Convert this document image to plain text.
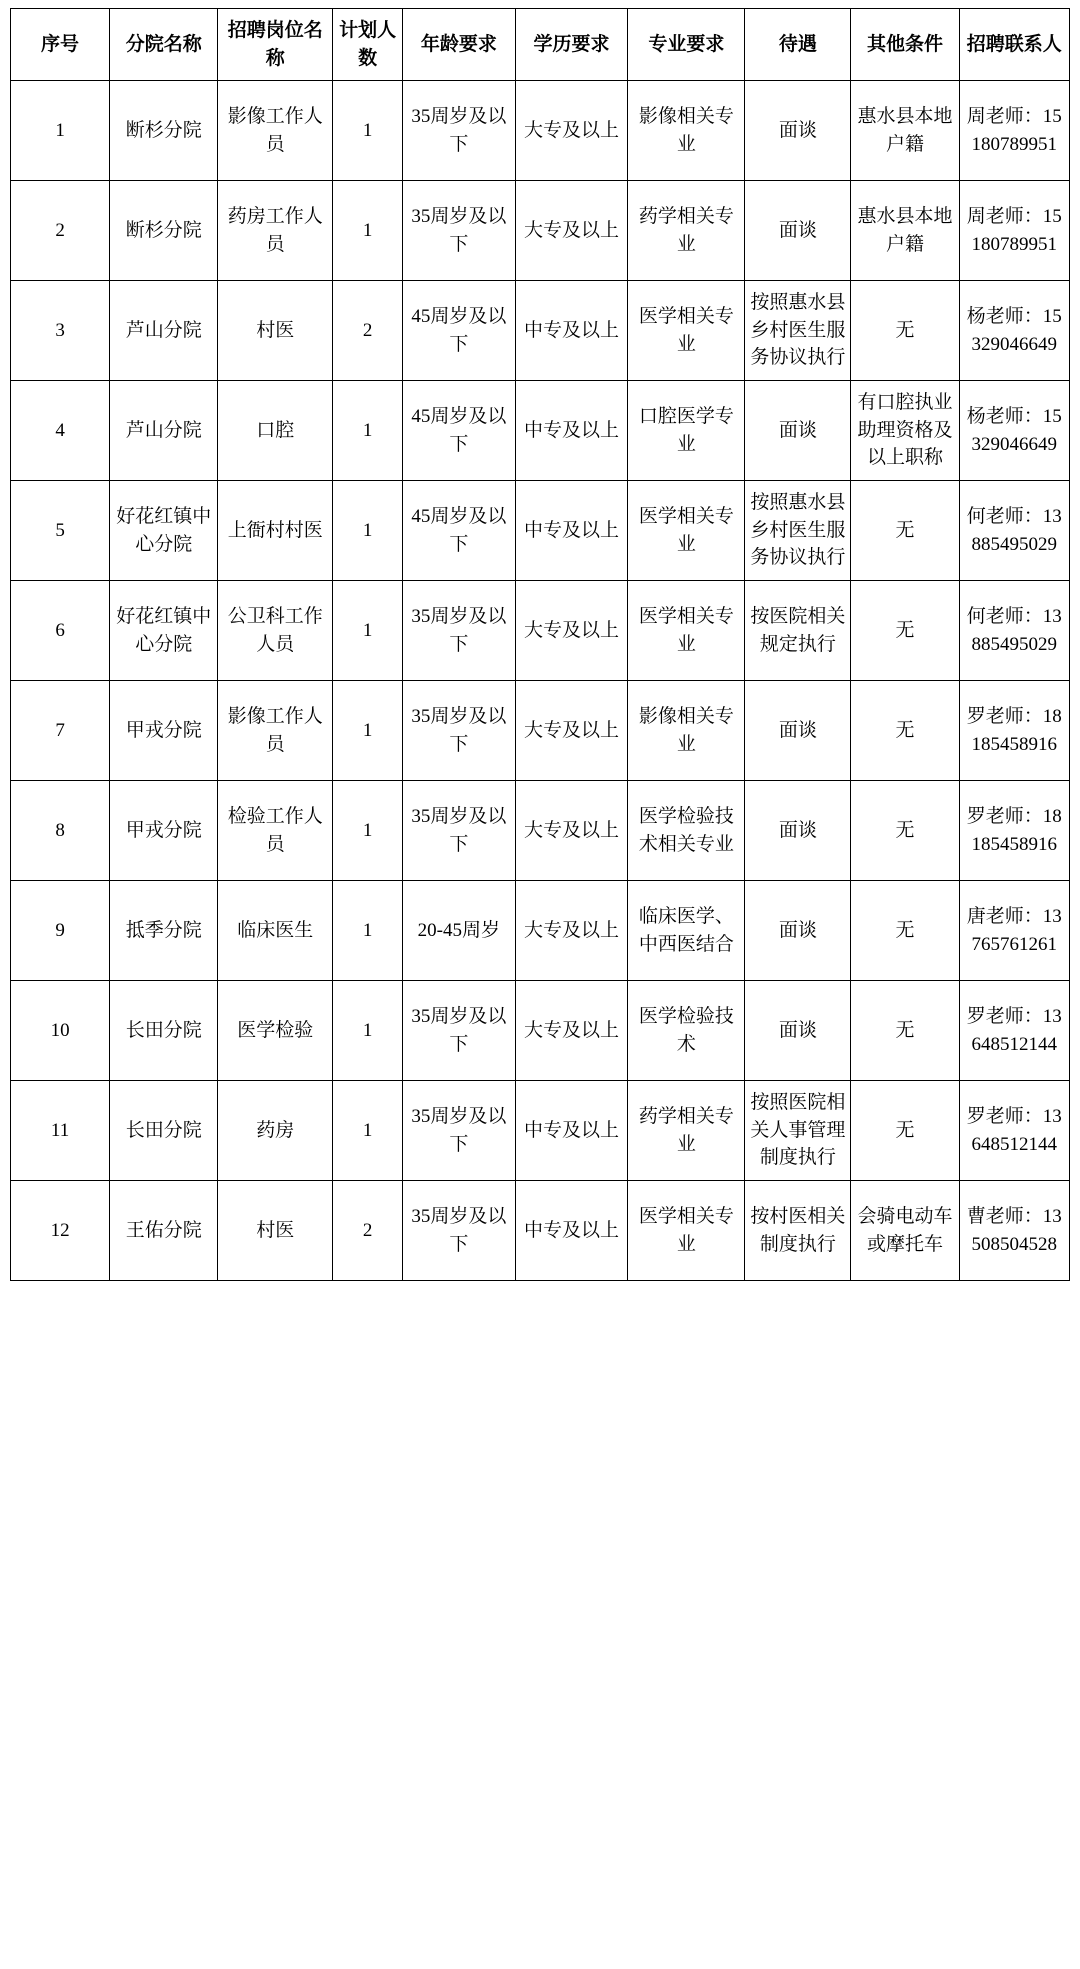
序号	分院名称	招聘岗位名称	计划人数	年龄要求	学历要求	专业要求	待遇	其他条件	招聘联系人
1	断杉分院	影像工作人员	1	35周岁及以下	大专及以上	影像相关专业	面谈	惠水县本地户籍	周老师：15180789951
2	断杉分院	药房工作人员	1	35周岁及以下	大专及以上	药学相关专业	面谈	惠水县本地户籍	周老师：15180789951
3	芦山分院	村医	2	45周岁及以下	中专及以上	医学相关专业	按照惠水县乡村医生服务协议执行	无	杨老师：15329046649
4	芦山分院	口腔	1	45周岁及以下	中专及以上	口腔医学专业	面谈	有口腔执业助理资格及以上职称	杨老师：15329046649
5	好花红镇中心分院	上衙村村医	1	45周岁及以下	中专及以上	医学相关专业	按照惠水县乡村医生服务协议执行	无	何老师：13885495029
6	好花红镇中心分院	公卫科工作人员	1	35周岁及以下	大专及以上	医学相关专业	按医院相关规定执行	无	何老师：13885495029
7	甲戎分院	影像工作人员	1	35周岁及以下	大专及以上	影像相关专业	面谈	无	罗老师：18185458916
8	甲戎分院	检验工作人员	1	35周岁及以下	大专及以上	医学检验技术相关专业	面谈	无	罗老师：18185458916
9	抵季分院	临床医生	1	20-45周岁	大专及以上	临床医学、中西医结合	面谈	无	唐老师：13765761261
10	长田分院	医学检验	1	35周岁及以下	大专及以上	医学检验技术	面谈	无	罗老师：13648512144
11	长田分院	药房	1	35周岁及以下	中专及以上	药学相关专业	按照医院相关人事管理制度执行	无	罗老师：13648512144
12	王佑分院	村医	2	35周岁及以下	中专及以上	医学相关专业	按村医相关制度执行	会骑电动车或摩托车	曹老师：13508504528
